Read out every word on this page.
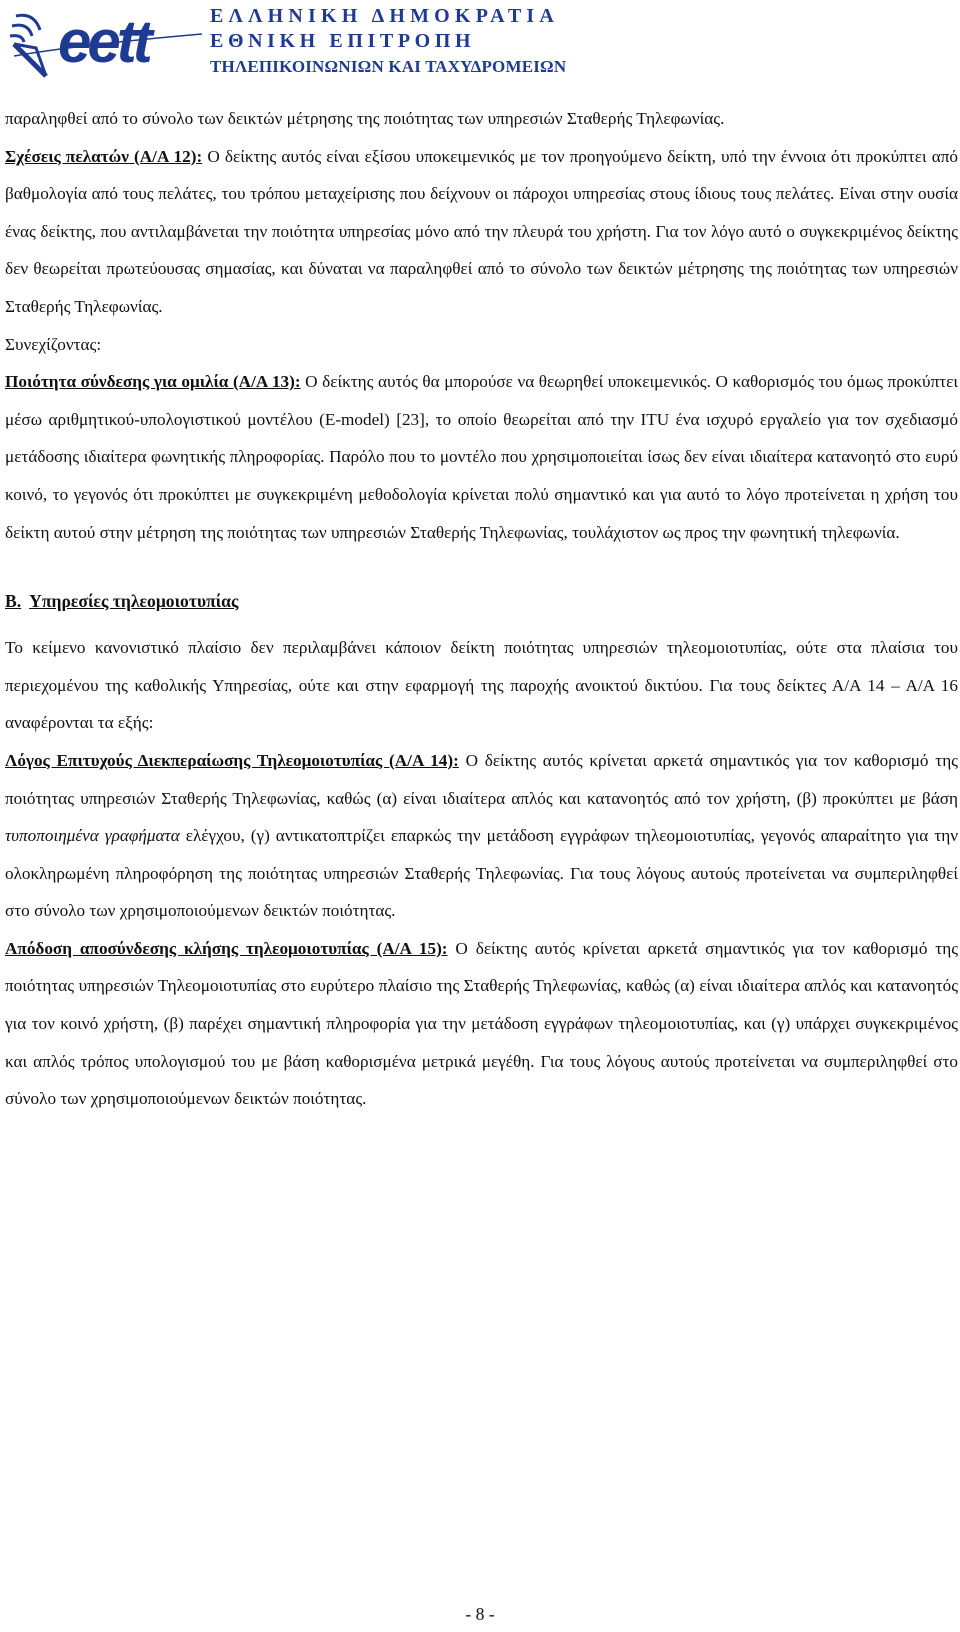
eett	ΕΛΛΗΝΙΚΗ ΔΗΜΟΚΡΑΤΙΑ
ΕΘΝΙΚΗ ΕΠΙΤΡΟΠΗ
ΤΗΛΕΠΙΚΟΙΝΩΝΙΩΝ ΚΑΙ ΤΑΧΥΔΡΟΜΕΙΩΝ

παραληφθεί από το σύνολο των δεικτών μέτρησης της ποιότητας των υπηρεσιών Σταθερής Τηλεφωνίας.

Σχέσεις πελατών (Α/Α 12): Ο δείκτης αυτός είναι εξίσου υποκειμενικός με τον προηγούμενο δείκτη, υπό την έννοια ότι προκύπτει από βαθμολογία από τους πελάτες, του τρόπου μεταχείρισης που δείχνουν οι πάροχοι υπηρεσίας στους ίδιους τους πελάτες. Είναι στην ουσία ένας δείκτης, που αντιλαμβάνεται την ποιότητα υπηρεσίας μόνο από την πλευρά του χρήστη. Για τον λόγο αυτό ο συγκεκριμένος δείκτης δεν θεωρείται πρωτεύουσας σημασίας, και δύναται να παραληφθεί από το σύνολο των δεικτών μέτρησης της ποιότητας των υπηρεσιών Σταθερής Τηλεφωνίας.

Συνεχίζοντας:

Ποιότητα σύνδεσης για ομιλία (Α/Α 13): Ο δείκτης αυτός θα μπορούσε να θεωρηθεί υποκειμενικός. Ο καθορισμός του όμως προκύπτει μέσω αριθμητικού-υπολογιστικού μοντέλου (E-model) [23], το οποίο θεωρείται από την ITU ένα ισχυρό εργαλείο για τον σχεδιασμό μετάδοσης ιδιαίτερα φωνητικής πληροφορίας. Παρόλο που το μοντέλο που χρησιμοποιείται ίσως δεν είναι ιδιαίτερα κατανοητό στο ευρύ κοινό, το γεγονός ότι προκύπτει με συγκεκριμένη μεθοδολογία κρίνεται πολύ σημαντικό και για αυτό το λόγο προτείνεται η χρήση του δείκτη αυτού στην μέτρηση της ποιότητας των υπηρεσιών Σταθερής Τηλεφωνίας, τουλάχιστον ως προς την φωνητική τηλεφωνία.

Β. Υπηρεσίες τηλεομοιοτυπίας

Το κείμενο κανονιστικό πλαίσιο δεν περιλαμβάνει κάποιον δείκτη ποιότητας υπηρεσιών τηλεομοιοτυπίας, ούτε στα πλαίσια του περιεχομένου της καθολικής Υπηρεσίας, ούτε και στην εφαρμογή της παροχής ανοικτού δικτύου. Για τους δείκτες Α/Α 14 – Α/Α 16 αναφέρονται τα εξής:

Λόγος Επιτυχούς Διεκπεραίωσης Τηλεομοιοτυπίας (Α/Α 14): Ο δείκτης αυτός κρίνεται αρκετά σημαντικός για τον καθορισμό της ποιότητας υπηρεσιών Σταθερής Τηλεφωνίας, καθώς (α) είναι ιδιαίτερα απλός και κατανοητός από τον χρήστη, (β) προκύπτει με βάση τυποποιημένα γραφήματα ελέγχου, (γ) αντικατοπτρίζει επαρκώς την μετάδοση εγγράφων τηλεομοιοτυπίας, γεγονός απαραίτητο για την ολοκληρωμένη πληροφόρηση της ποιότητας υπηρεσιών Σταθερής Τηλεφωνίας. Για τους λόγους αυτούς προτείνεται να συμπεριληφθεί στο σύνολο των χρησιμοποιούμενων δεικτών ποιότητας.

Απόδοση αποσύνδεσης κλήσης τηλεομοιοτυπίας (Α/Α 15): Ο δείκτης αυτός κρίνεται αρκετά σημαντικός για τον καθορισμό της ποιότητας υπηρεσιών Τηλεομοιοτυπίας στο ευρύτερο πλαίσιο της Σταθερής Τηλεφωνίας, καθώς (α) είναι ιδιαίτερα απλός και κατανοητός για τον κοινό χρήστη, (β) παρέχει σημαντική πληροφορία για την μετάδοση εγγράφων τηλεομοιοτυπίας, και (γ) υπάρχει συγκεκριμένος και απλός τρόπος υπολογισμού του με βάση καθορισμένα μετρικά μεγέθη. Για τους λόγους αυτούς προτείνεται να συμπεριληφθεί στο σύνολο των χρησιμοποιούμενων δεικτών ποιότητας.

- 8 -
